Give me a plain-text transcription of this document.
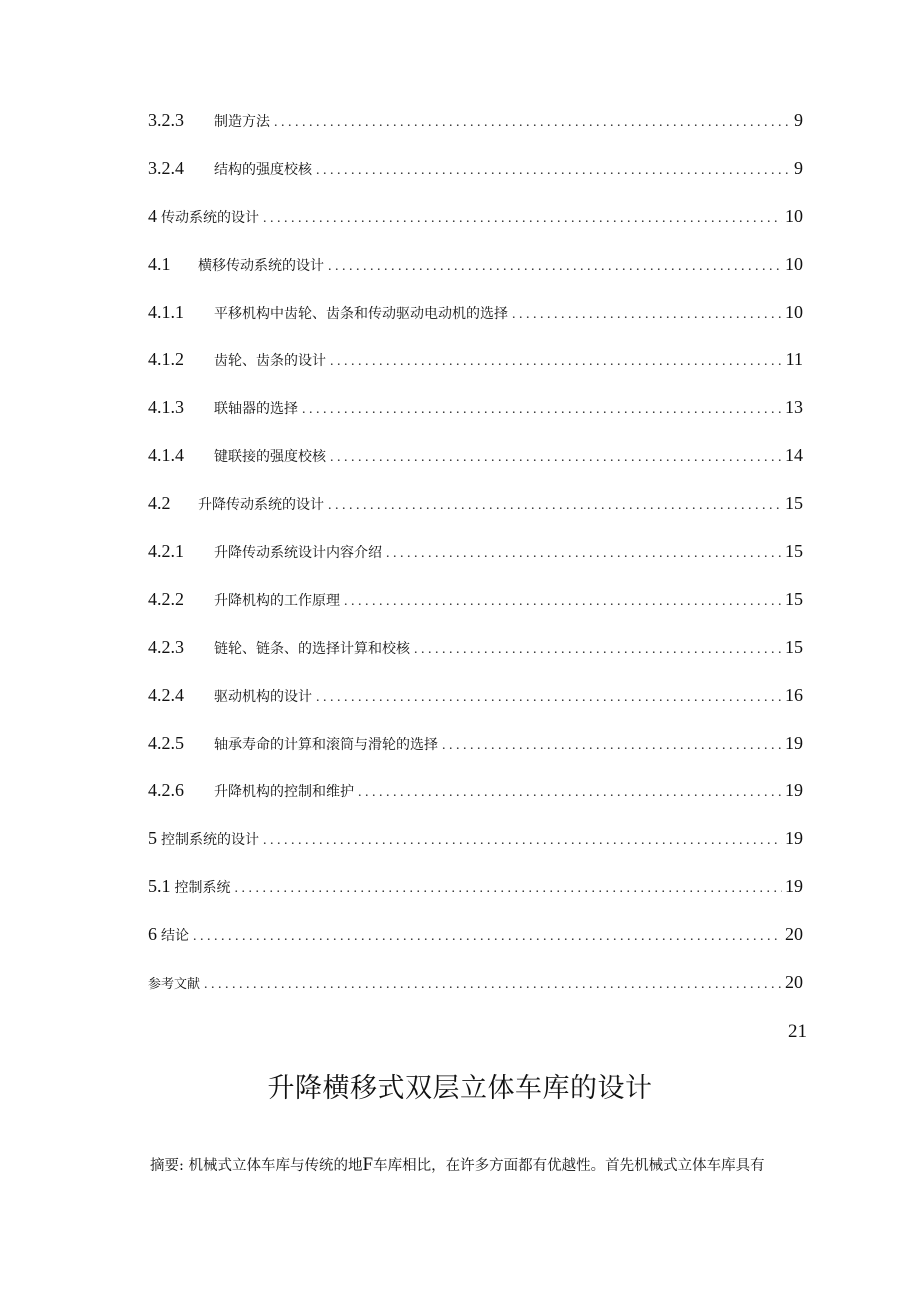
3.2.3	制造方法 . . .	9
3.2.4	结构的强度校核 . . .	9
4 传动系统的设计 . . .	10
4.1	横移传动系统的设计 . . .	10
4.1.1	平移机构中齿轮、齿条和传动驱动电动机的选择 . . .	10
4.1.2	齿轮、齿条的设计 . . .	11
4.1.3	联轴器的选择 . . .	13
4.1.4	键联接的强度校核 . . .	14
4.2	升降传动系统的设计 . . .	15
4.2.1	升降传动系统设计内容介绍 . . .	15
4.2.2	升降机构的工作原理 . . .	15
4.2.3	链轮、链条、的选择计算和校核 . . .	15
4.2.4	驱动机构的设计 . . .	16
4.2.5	轴承寿命的计算和滚筒与滑轮的选择 . . .	19
4.2.6	升降机构的控制和维护 . . .	19
5 控制系统的设计 . . .	19
5.1 控制系统 . . .	19
6 结论 . . .	20
参考文献 . . .	20
21
升降横移式双层立体车库的设计
摘要: 机械式立体车库与传统的地F车库相比，在许多方面都有优越性。首先机械式立体车库具有
